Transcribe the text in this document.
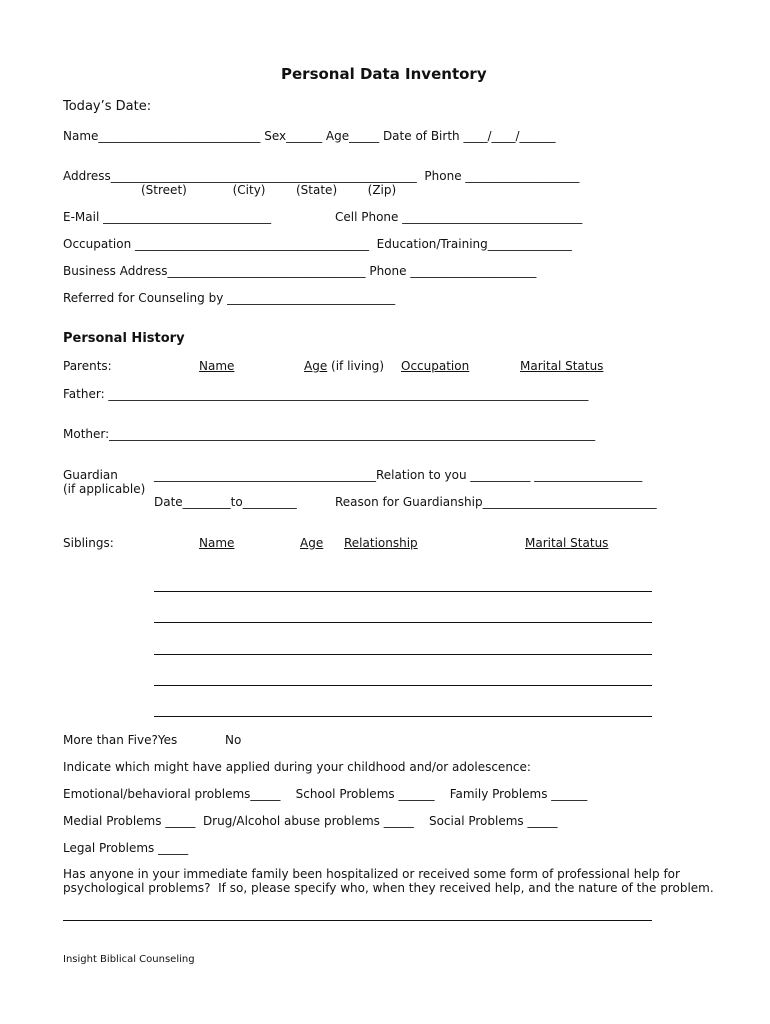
Personal Data Inventory
Today’s Date:
Name___________________________ Sex______ Age_____ Date of Birth ____/____/______
Address___________________________________________________  Phone ___________________
(Street)            (City)        (State)        (Zip)
E-Mail ____________________________	Cell Phone ______________________________
Occupation _______________________________________  Education/Training______________
Business Address_________________________________ Phone _____________________
Referred for Counseling by ____________________________
Personal History
Parents:	Name	Age (if living) Occupation	Marital Status
Father: ________________________________________________________________________________
Mother:_________________________________________________________________________________
Guardian
(if applicable)
_____________________________________Relation to you __________ __________________
Date________to_________	Reason for Guardianship_____________________________
Siblings:	Name	Age Relationship	Marital Status
More than Five?Yes	No
Indicate which might have applied during your childhood and/or adolescence:
Emotional/behavioral problems_____    School Problems ______    Family Problems ______
Medial Problems _____  Drug/Alcohol abuse problems _____    Social Problems _____
Legal Problems _____
Has anyone in your immediate family been hospitalized or received some form of professional help for
psychological problems?  If so, please specify who, when they received help, and the nature of the problem.
Insight Biblical Counseling
